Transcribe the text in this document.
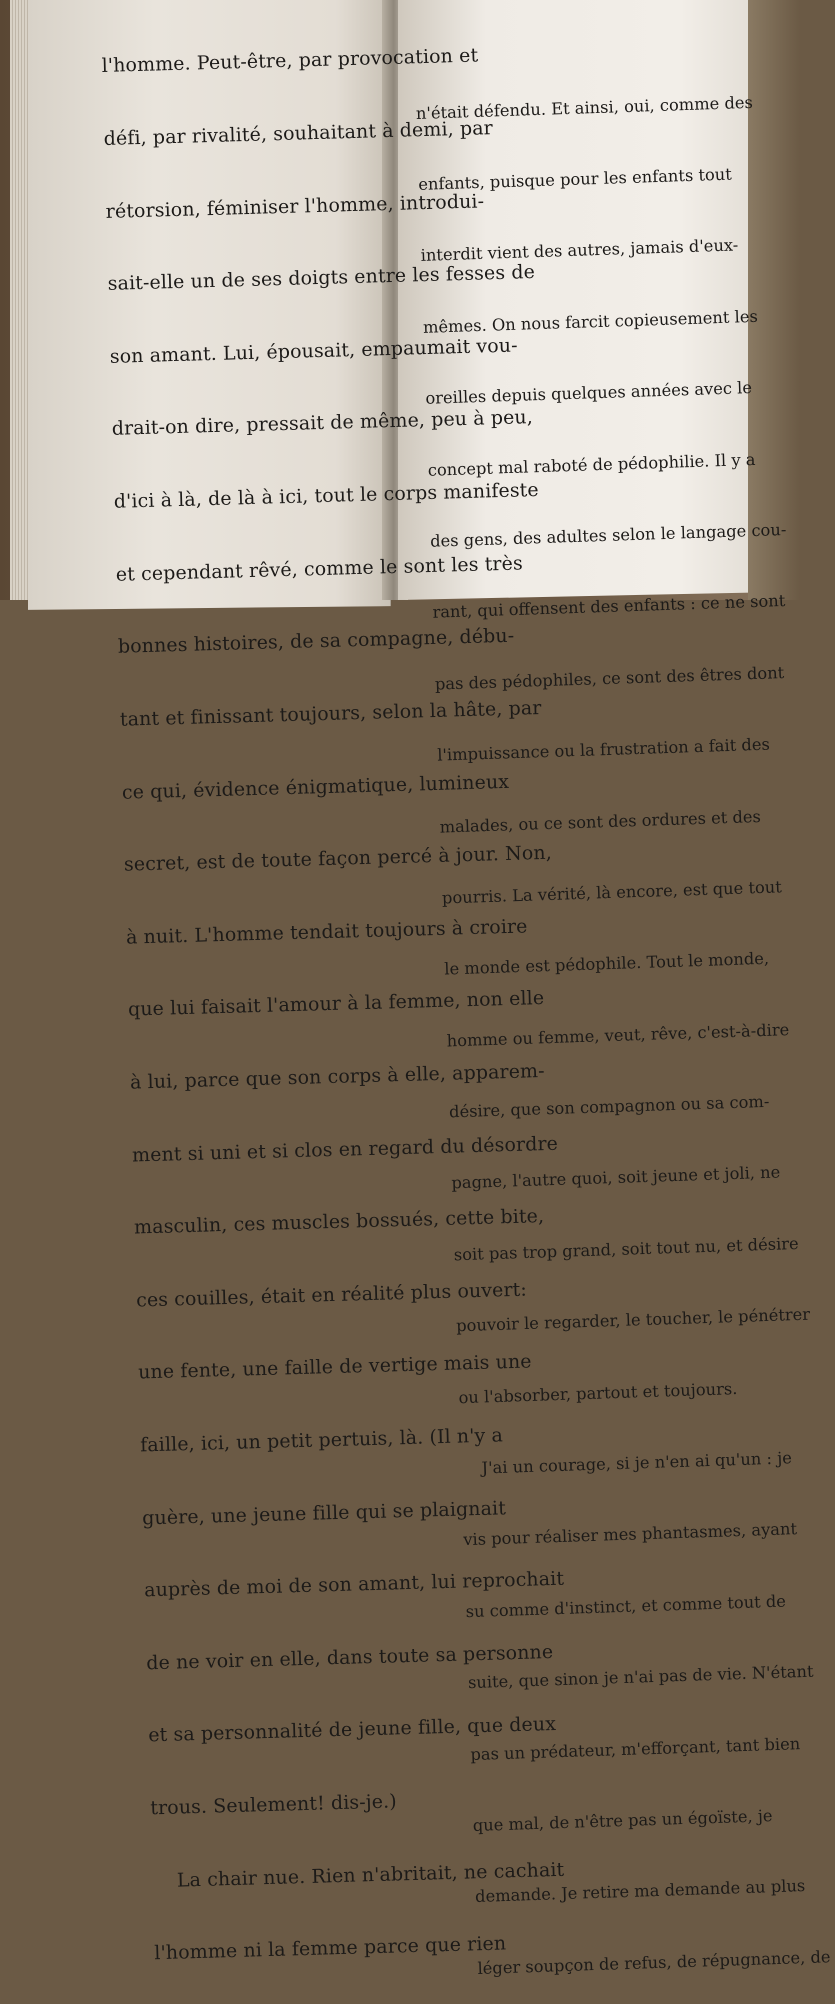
l'homme. Peut-être, par provocation et

défi, par rivalité, souhaitant à demi, par

rétorsion, féminiser l'homme, introdui-

sait-elle un de ses doigts entre les fesses de

son amant. Lui, épousait, empaumait vou-

drait-on dire, pressait de même, peu à peu,

d'ici à là, de là à ici, tout le corps manifeste

et cependant rêvé, comme le sont les très

bonnes histoires, de sa compagne, débu-

tant et finissant toujours, selon la hâte, par

ce qui, évidence énigmatique, lumineux

secret, est de toute façon percé à jour. Non,

à nuit. L'homme tendait toujours à croire

que lui faisait l'amour à la femme, non elle

à lui, parce que son corps à elle, apparem-

ment si uni et si clos en regard du désordre

masculin, ces muscles bossués, cette bite,

ces couilles, était en réalité plus ouvert:

une fente, une faille de vertige mais une

faille, ici, un petit pertuis, là. (Il n'y a

guère, une jeune fille qui se plaignait

auprès de moi de son amant, lui reprochait

de ne voir en elle, dans toute sa personne

et sa personnalité de jeune fille, que deux

trous. Seulement! dis-je.)

La chair nue. Rien n'abritait, ne cachait

l'homme ni la femme parce que rien

n'était défendu. Et ainsi, oui, comme des

enfants, puisque pour les enfants tout

interdit vient des autres, jamais d'eux-

mêmes. On nous farcit copieusement les

oreilles depuis quelques années avec le

concept mal raboté de pédophilie. Il y a

des gens, des adultes selon le langage cou-

rant, qui offensent des enfants : ce ne sont

pas des pédophiles, ce sont des êtres dont

l'impuissance ou la frustration a fait des

malades, ou ce sont des ordures et des

pourris. La vérité, là encore, est que tout

le monde est pédophile. Tout le monde,

homme ou femme, veut, rêve, c'est-à-dire

désire, que son compagnon ou sa com-

pagne, l'autre quoi, soit jeune et joli, ne

soit pas trop grand, soit tout nu, et désire

pouvoir le regarder, le toucher, le pénétrer

ou l'absorber, partout et toujours.

J'ai un courage, si je n'en ai qu'un : je

vis pour réaliser mes phantasmes, ayant

su comme d'instinct, et comme tout de

suite, que sinon je n'ai pas de vie. N'étant

pas un prédateur, m'efforçant, tant bien

que mal, de n'être pas un égoïste, je

demande. Je retire ma demande au plus

léger soupçon de refus, de répugnance, de
